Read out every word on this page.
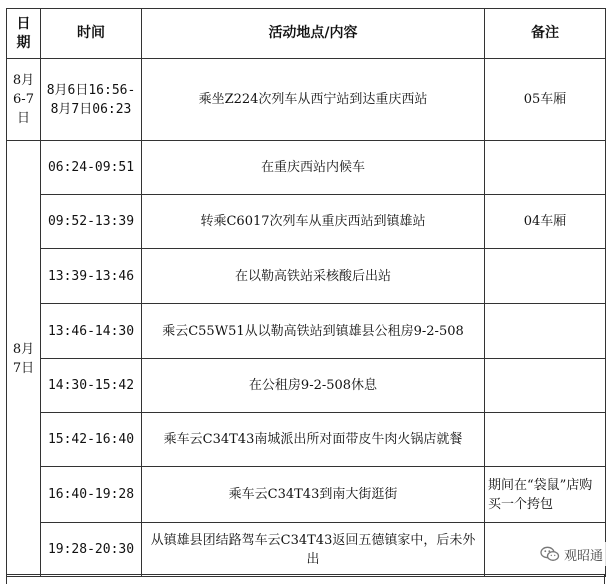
日期	时间	活动地点/内容	备注
8月6-7日	8月6日16:56-8月7日06:23	乘坐Z224次列车从西宁站到达重庆西站	05车厢
8月7日	06:24-09:51	在重庆西站内候车	
	09:52-13:39	转乘C6017次列车从重庆西站到镇雄站	04车厢
	13:39-13:46	在以勒高铁站采核酸后出站	
	13:46-14:30	乘云C55W51从以勒高铁站到镇雄县公租房9-2-508	
	14:30-15:42	在公租房9-2-508休息	
	15:42-16:40	乘车云C34T43南城派出所对面带皮牛肉火锅店就餐	
	16:40-19:28	乘车云C34T43到南大街逛街	期间在“袋鼠”店购买一个挎包
	19:28-20:30	从镇雄县团结路驾车云C34T43返回五德镇家中，后未外出		观昭通
